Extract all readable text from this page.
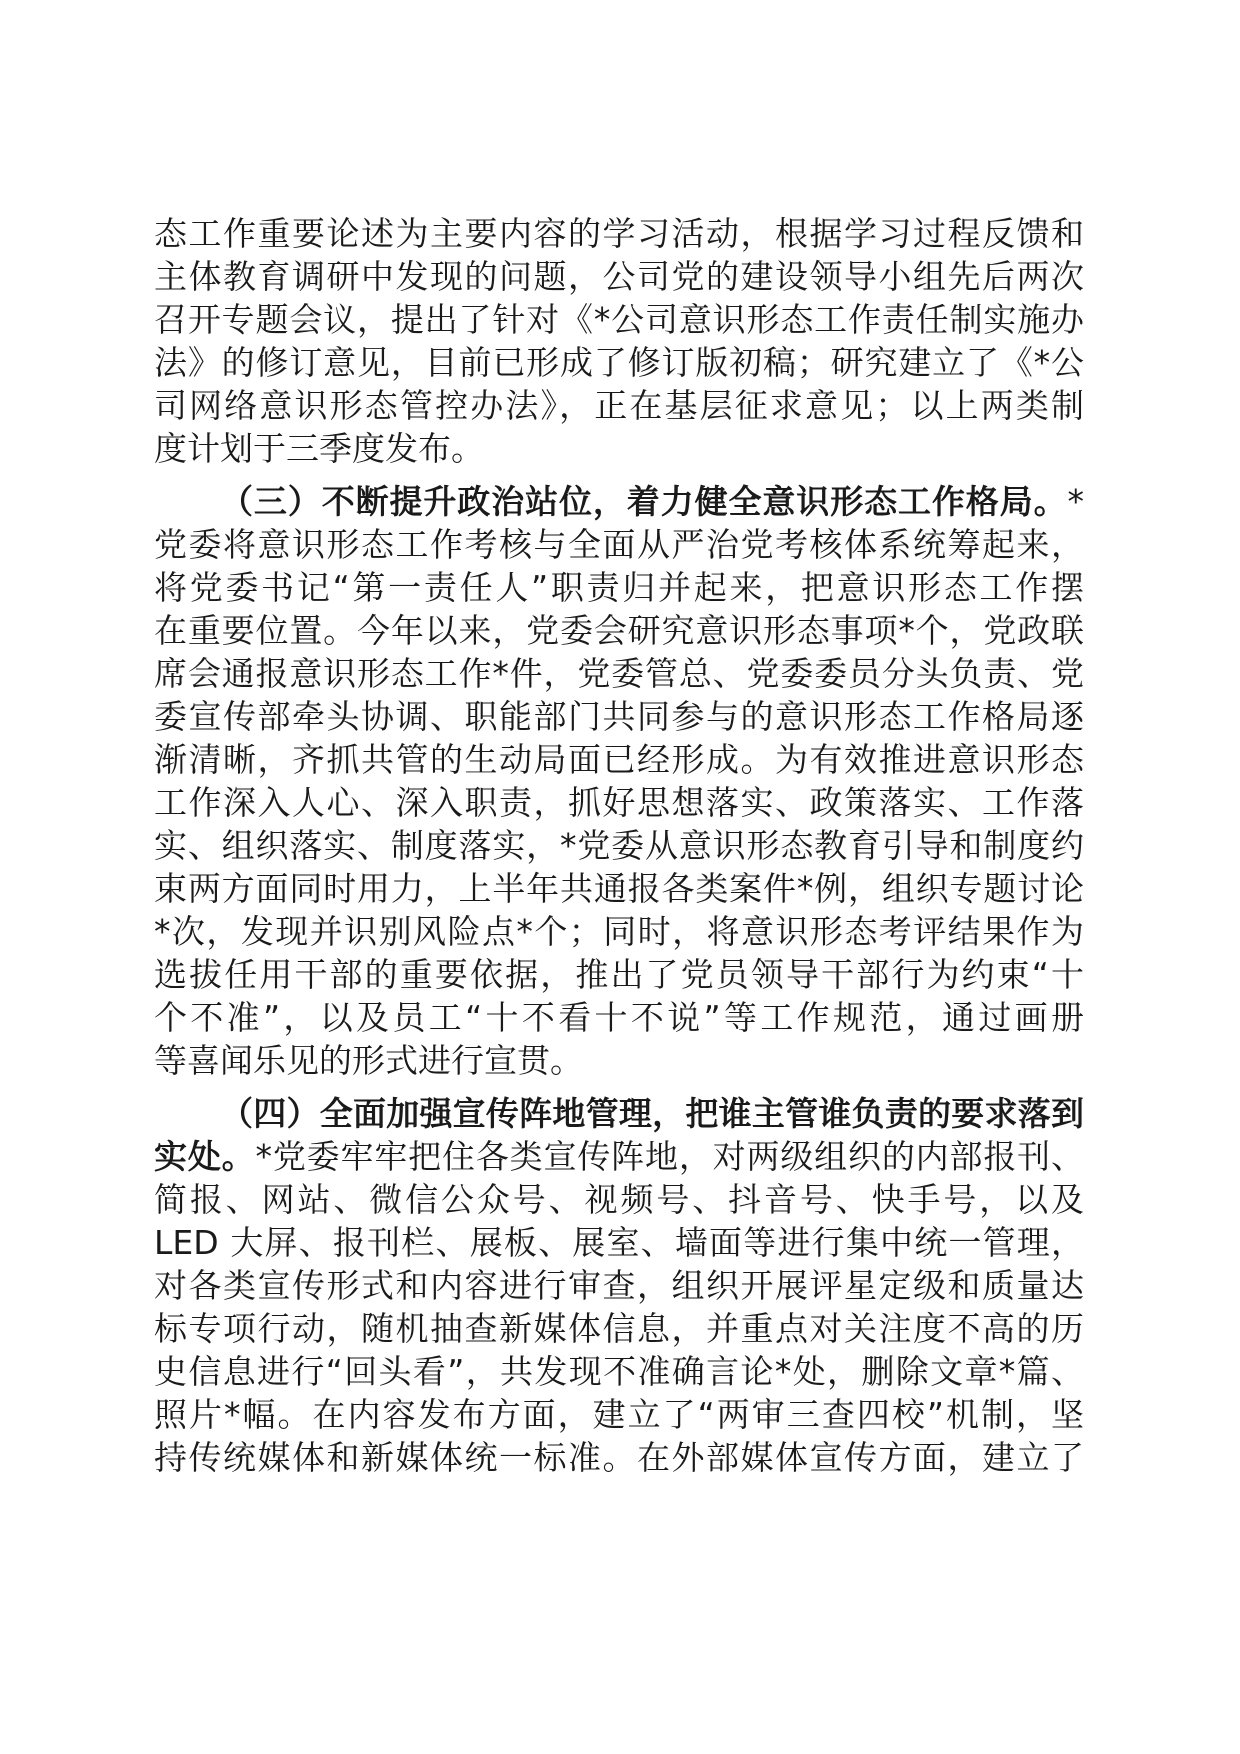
态工作重要论述为主要内容的学习活动，根据学习过程反馈和
主体教育调研中发现的问题，公司党的建设领导小组先后两次
召开专题会议，提出了针对《*公司意识形态工作责任制实施办
法》的修订意见，目前已形成了修订版初稿；研究建立了《*公
司网络意识形态管控办法》，正在基层征求意见；以上两类制
度计划于三季度发布。
（三）不断提升政治站位，着力健全意识形态工作格局。*
党委将意识形态工作考核与全面从严治党考核体系统筹起来，
将党委书记“第一责任人”职责归并起来，把意识形态工作摆
在重要位置。今年以来，党委会研究意识形态事项*个，党政联
席会通报意识形态工作*件，党委管总、党委委员分头负责、党
委宣传部牵头协调、职能部门共同参与的意识形态工作格局逐
渐清晰，齐抓共管的生动局面已经形成。为有效推进意识形态
工作深入人心、深入职责，抓好思想落实、政策落实、工作落
实、组织落实、制度落实，*党委从意识形态教育引导和制度约
束两方面同时用力，上半年共通报各类案件*例，组织专题讨论
*次，发现并识别风险点*个；同时，将意识形态考评结果作为
选拔任用干部的重要依据，推出了党员领导干部行为约束“十
个不准”，以及员工“十不看十不说”等工作规范，通过画册
等喜闻乐见的形式进行宣贯。
（四）全面加强宣传阵地管理，把谁主管谁负责的要求落到
实处。*党委牢牢把住各类宣传阵地，对两级组织的内部报刊、
简报、网站、微信公众号、视频号、抖音号、快手号，以及
LED 大屏、报刊栏、展板、展室、墙面等进行集中统一管理，
对各类宣传形式和内容进行审查，组织开展评星定级和质量达
标专项行动，随机抽查新媒体信息，并重点对关注度不高的历
史信息进行“回头看”，共发现不准确言论*处，删除文章*篇、
照片*幅。在内容发布方面，建立了“两审三查四校”机制，坚
持传统媒体和新媒体统一标准。在外部媒体宣传方面，建立了
